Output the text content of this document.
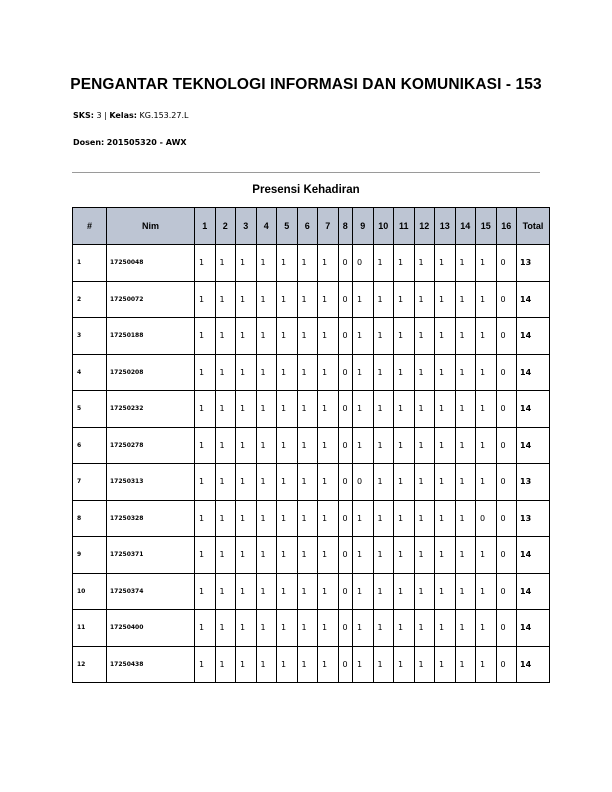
PENGANTAR TEKNOLOGI INFORMASI DAN KOMUNIKASI - 153
SKS: 3 | Kelas: KG.153.27.L
Dosen: 201505320 - AWX
Presensi Kehadiran
#	Nim	1	2	3	4	5	6	7	8	9	10	11	12	13	14	15	16	Total
1	17250048	1	1	1	1	1	1	1	0	0	1	1	1	1	1	1	0	13
2	17250072	1	1	1	1	1	1	1	0	1	1	1	1	1	1	1	0	14
3	17250188	1	1	1	1	1	1	1	0	1	1	1	1	1	1	1	0	14
4	17250208	1	1	1	1	1	1	1	0	1	1	1	1	1	1	1	0	14
5	17250232	1	1	1	1	1	1	1	0	1	1	1	1	1	1	1	0	14
6	17250278	1	1	1	1	1	1	1	0	1	1	1	1	1	1	1	0	14
7	17250313	1	1	1	1	1	1	1	0	0	1	1	1	1	1	1	0	13
8	17250328	1	1	1	1	1	1	1	0	1	1	1	1	1	1	0	0	13
9	17250371	1	1	1	1	1	1	1	0	1	1	1	1	1	1	1	0	14
10	17250374	1	1	1	1	1	1	1	0	1	1	1	1	1	1	1	0	14
11	17250400	1	1	1	1	1	1	1	0	1	1	1	1	1	1	1	0	14
12	17250438	1	1	1	1	1	1	1	0	1	1	1	1	1	1	1	0	14
